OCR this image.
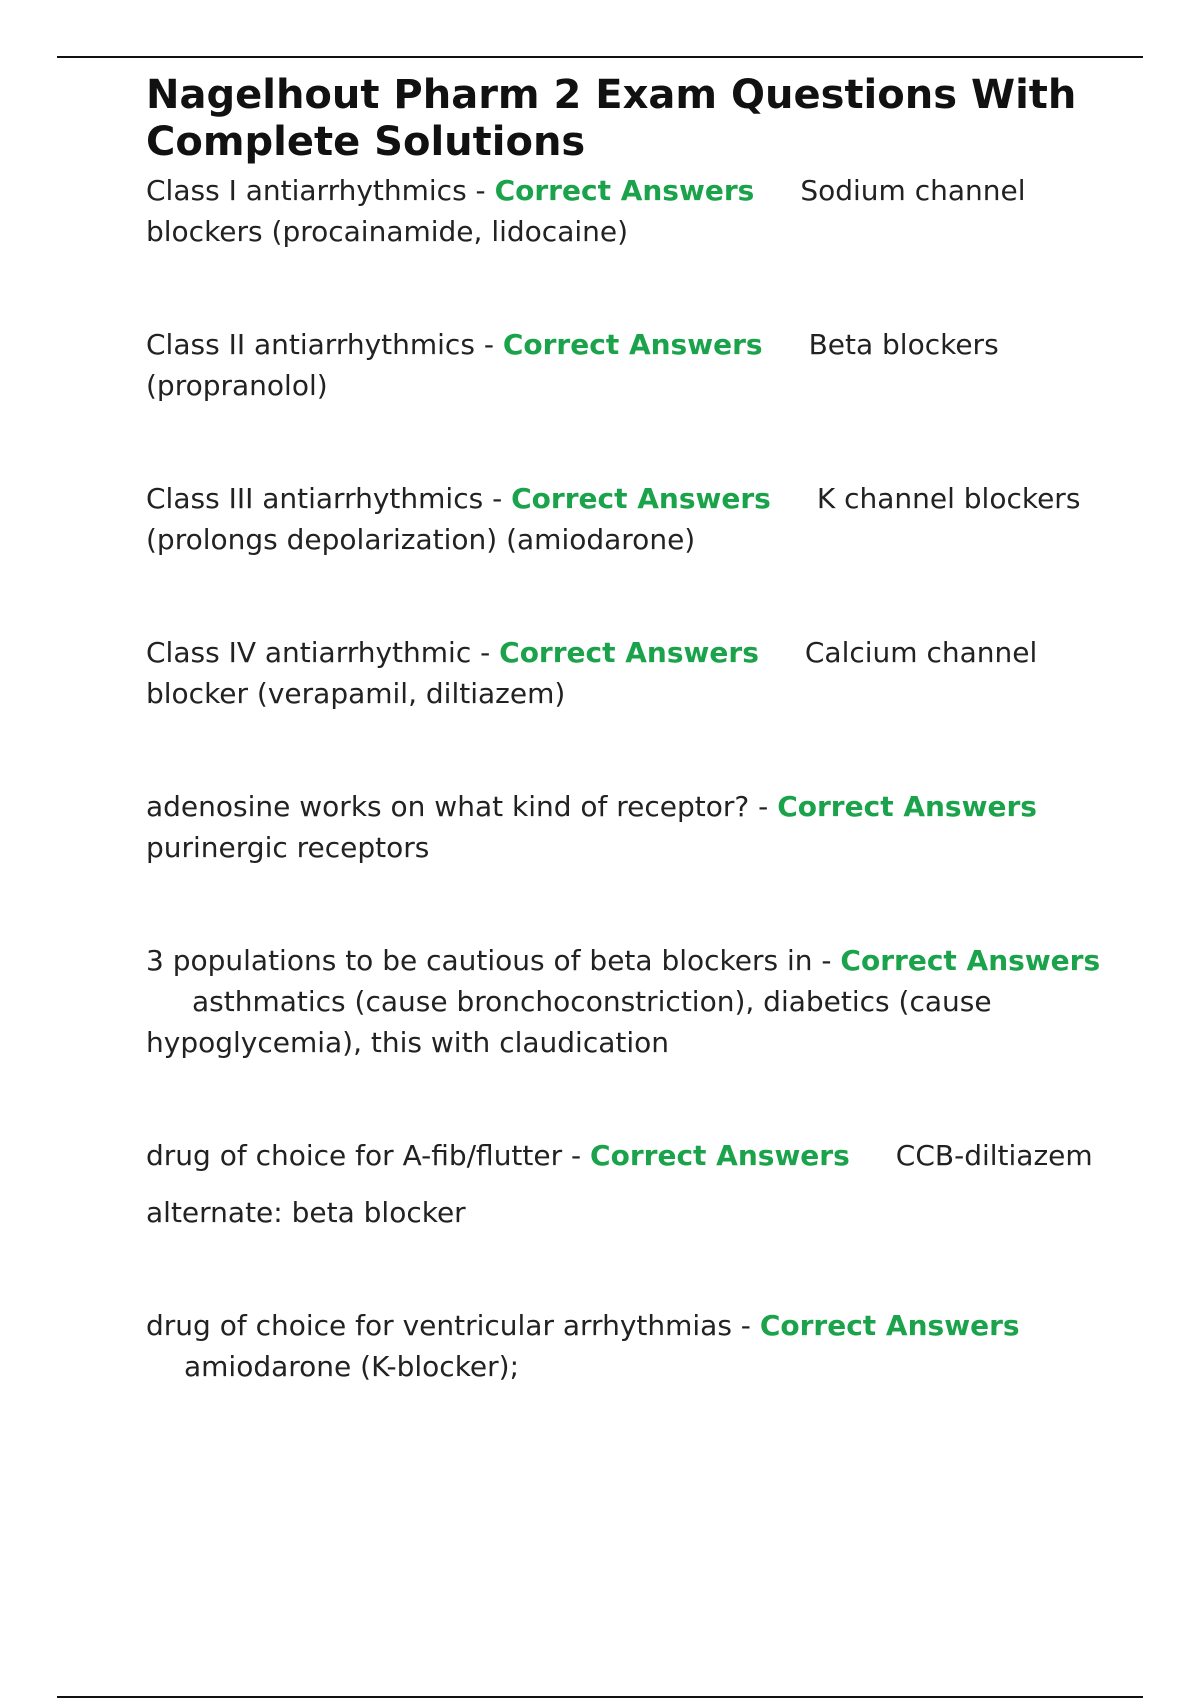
Nagelhout Pharm 2 Exam Questions With Complete Solutions

Class I antiarrhythmics - Correct Answers Sodium channel blockers (procainamide, lidocaine)

Class II antiarrhythmics - Correct Answers Beta blockers (propranolol)

Class III antiarrhythmics - Correct Answers K channel blockers (prolongs depolarization) (amiodarone)

Class IV antiarrhythmic - Correct Answers Calcium channel blocker (verapamil, diltiazem)

adenosine works on what kind of receptor? - Correct Answerspurinergic receptors

3 populations to be cautious of beta blockers in - Correct Answersasthmatics (cause bronchoconstriction), diabetics (cause hypoglycemia), this with claudication

drug of choice for A-fib/flutter - Correct Answers CCB-diltiazem

alternate: beta blocker

drug of choice for ventricular arrhythmias - Correct Answers
amiodarone (K-blocker);
